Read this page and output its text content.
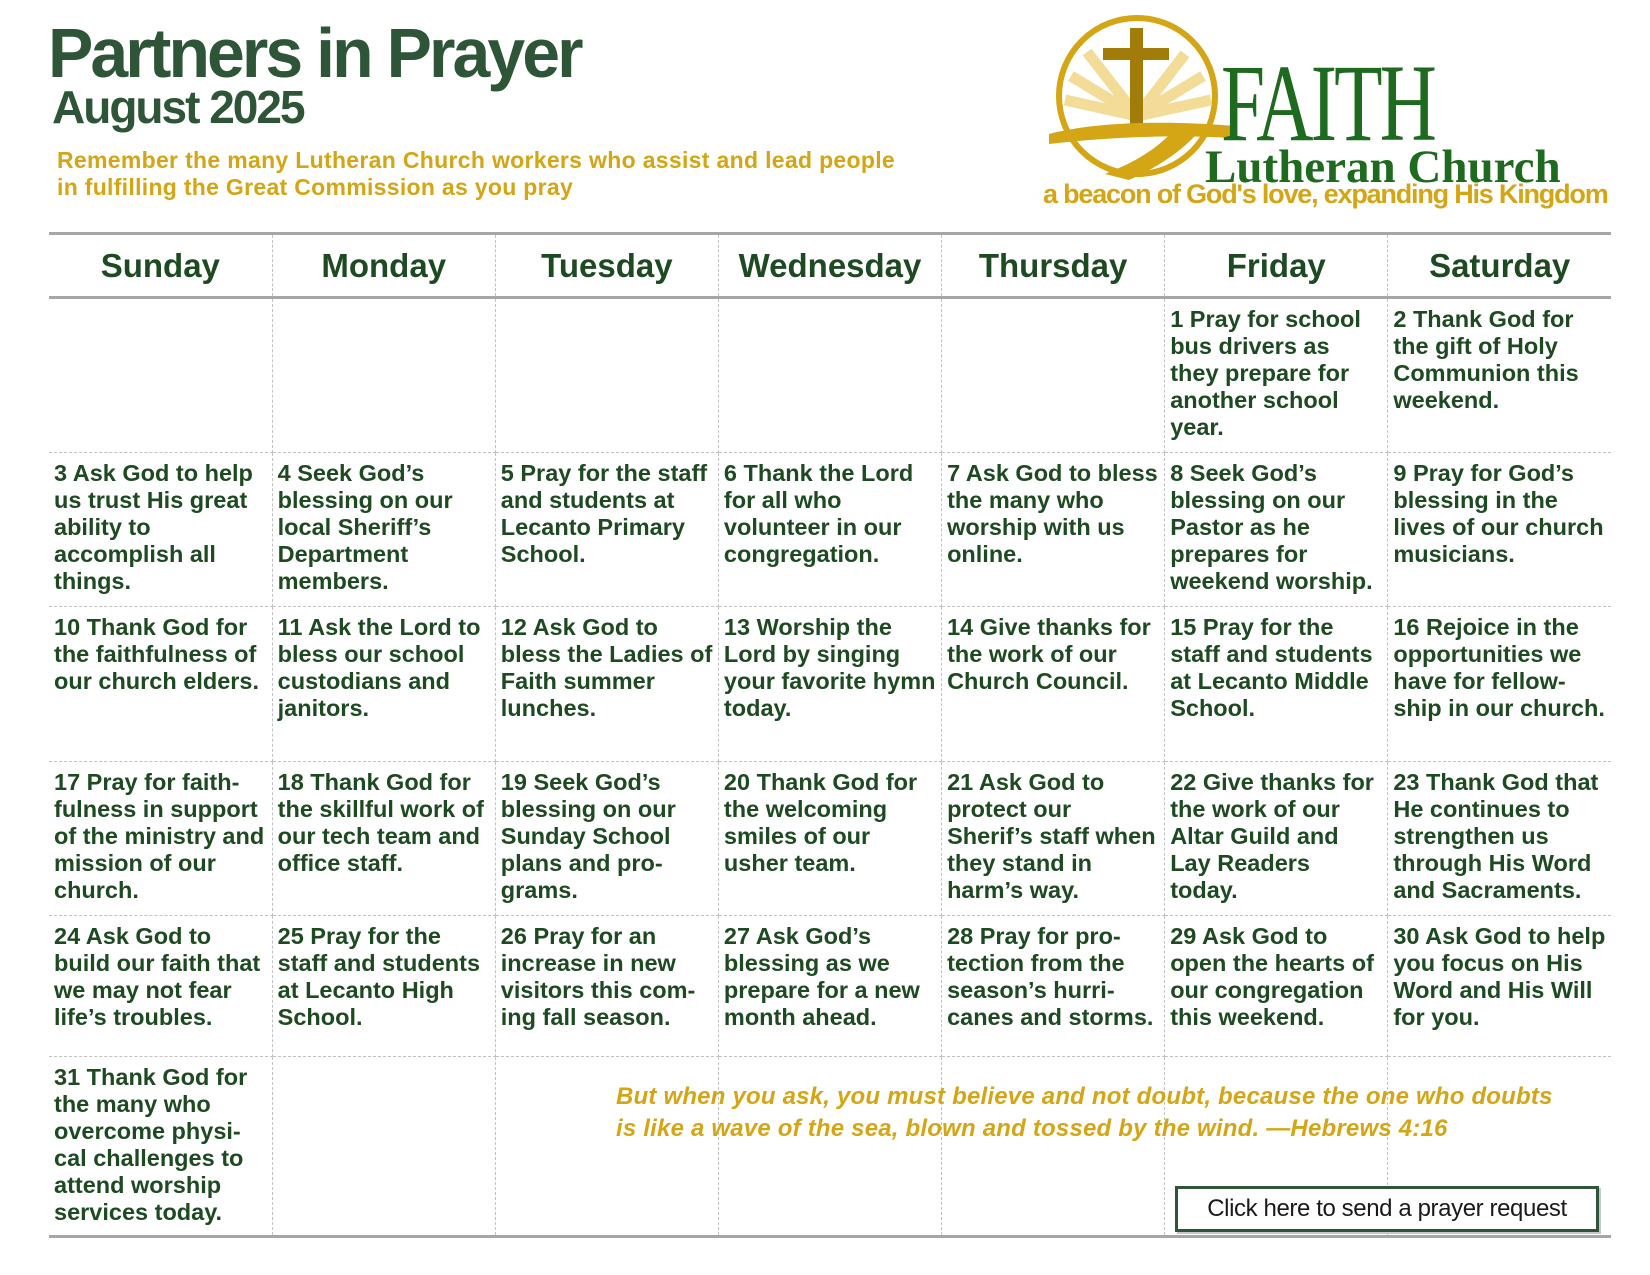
Partners in Prayer
August 2025
Remember the many Lutheran Church workers who assist and lead people in fulfilling the Great Commission as you pray
FAITH
Lutheran Church
a beacon of God's love, expanding His Kingdom
Sunday	Monday	Tuesday	Wednesday	Thursday	Friday	Saturday
					1 Pray for school bus drivers as they prepare for another school year.	2 Thank God for the gift of Holy Communion this weekend.
3 Ask God to help us trust His great ability to accomplish all things.	4 Seek God’s blessing on our local Sheriff’s Department members.	5 Pray for the staff and students at Lecanto Primary School.	6 Thank the Lord for all who volunteer in our congregation.	7 Ask God to bless the many who worship with us online.	8 Seek God’s blessing on our Pastor as he prepares for weekend worship.	9 Pray for God’s blessing in the lives of our church musicians.
10 Thank God for the faithfulness of our church elders.	11 Ask the Lord to bless our school custodians and janitors.	12 Ask God to bless the Ladies of Faith summer lunches.	13 Worship the Lord by singing your favorite hymn today.	14 Give thanks for the work of our Church Council.	15 Pray for the staff and students at Lecanto Middle School.	16 Rejoice in the opportunities we have for fellow-ship in our church.
17 Pray for faith-fulness in support of the ministry and mission of our church.	18 Thank God for the skillful work of our tech team and office staff.	19 Seek God’s blessing on our Sunday School plans and pro-grams.	20 Thank God for the welcoming smiles of our usher team.	21 Ask God to protect our Sherif’s staff when they stand in harm’s way.	22 Give thanks for the work of our Altar Guild and Lay Readers today.	23 Thank God that He continues to strengthen us through His Word and Sacraments.
24 Ask God to build our faith that we may not fear life’s troubles.	25 Pray for the staff and students at Lecanto High School.	26 Pray for an increase in new visitors this com-ing fall season.	27 Ask God’s blessing as we prepare for a new month ahead.	28 Pray for pro-tection from the season’s hurri-canes and storms.	29 Ask God to open the hearts of our congregation this weekend.	30 Ask God to help you focus on His Word and His Will for you.
31 Thank God for the many who overcome physi-cal challenges to attend worship services today.						
But when you ask, you must believe and not doubt, because the one who doubts
is like a wave of the sea, blown and tossed by the wind. —Hebrews 4:16
Click here to send a prayer request
